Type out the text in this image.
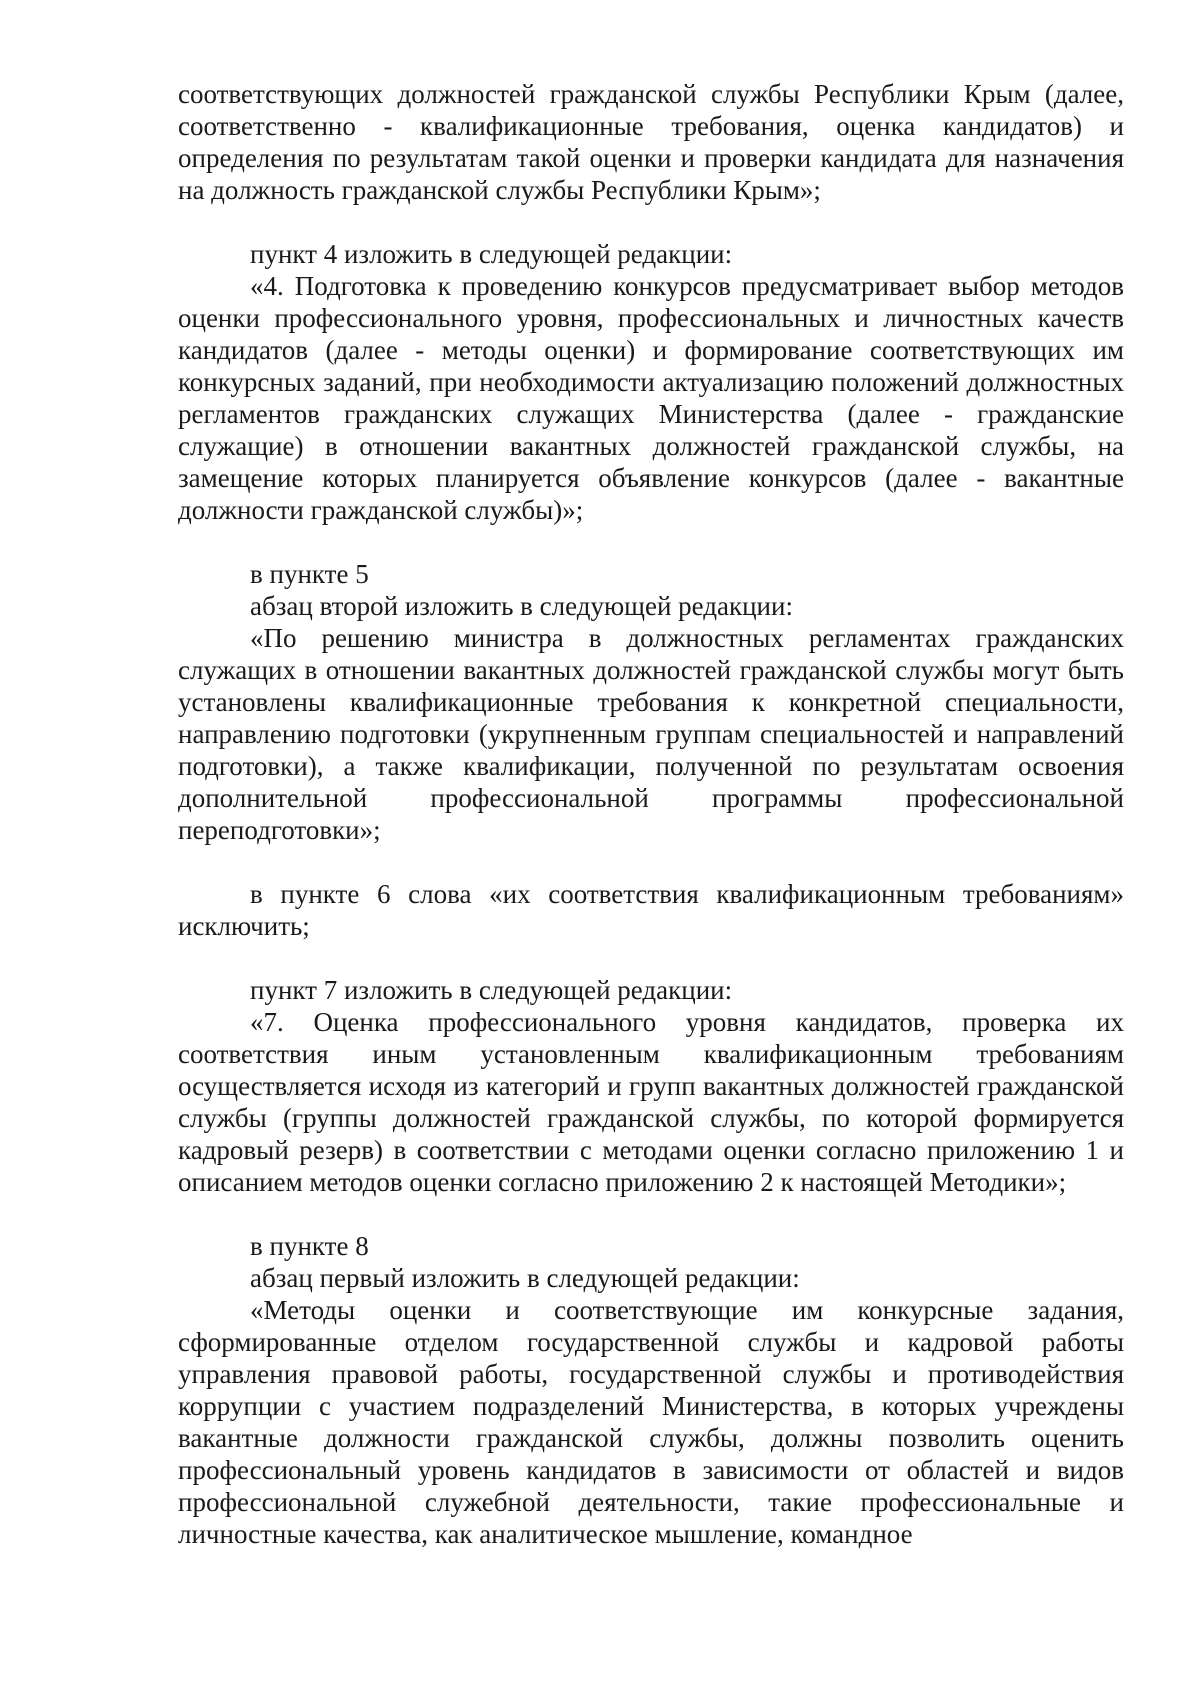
соответствующих должностей гражданской службы Республики Крым (далее, соответственно - квалификационные требования, оценка кандидатов) и определения по результатам такой оценки и проверки кандидата для назначения на должность гражданской службы Республики Крым»;

пункт 4 изложить в следующей редакции:

«4. Подготовка к проведению конкурсов предусматривает выбор методов оценки профессионального уровня, профессиональных и личностных качеств кандидатов (далее - методы оценки) и формирование соответствующих им конкурсных заданий, при необходимости актуализацию положений должностных регламентов гражданских служащих Министерства (далее - гражданские служащие) в отношении вакантных должностей гражданской службы, на замещение которых планируется объявление конкурсов (далее - вакантные должности гражданской службы)»;

в пункте 5

абзац второй изложить в следующей редакции:

«По решению министра в должностных регламентах гражданских служащих в отношении вакантных должностей гражданской службы могут быть установлены квалификационные требования к конкретной специальности, направлению подготовки (укрупненным группам специальностей и направлений подготовки), а также квалификации, полученной по результатам освоения дополнительной профессиональной программы профессиональной переподготовки»;

в пункте 6 слова «их соответствия квалификационным требованиям» исключить;

пункт 7 изложить в следующей редакции:

«7. Оценка профессионального уровня кандидатов, проверка их соответствия иным установленным квалификационным требованиям осуществляется исходя из категорий и групп вакантных должностей гражданской службы (группы должностей гражданской службы, по которой формируется кадровый резерв) в соответствии с методами оценки согласно приложению 1 и описанием методов оценки согласно приложению 2 к настоящей Методики»;

в пункте 8

абзац первый изложить в следующей редакции:

«Методы оценки и соответствующие им конкурсные задания, сформированные отделом государственной службы и кадровой работы управления правовой работы, государственной службы и противодействия коррупции с участием подразделений Министерства, в которых учреждены вакантные должности гражданской службы, должны позволить оценить профессиональный уровень кандидатов в зависимости от областей и видов профессиональной служебной деятельности, такие профессиональные и личностные качества, как аналитическое мышление, командное
